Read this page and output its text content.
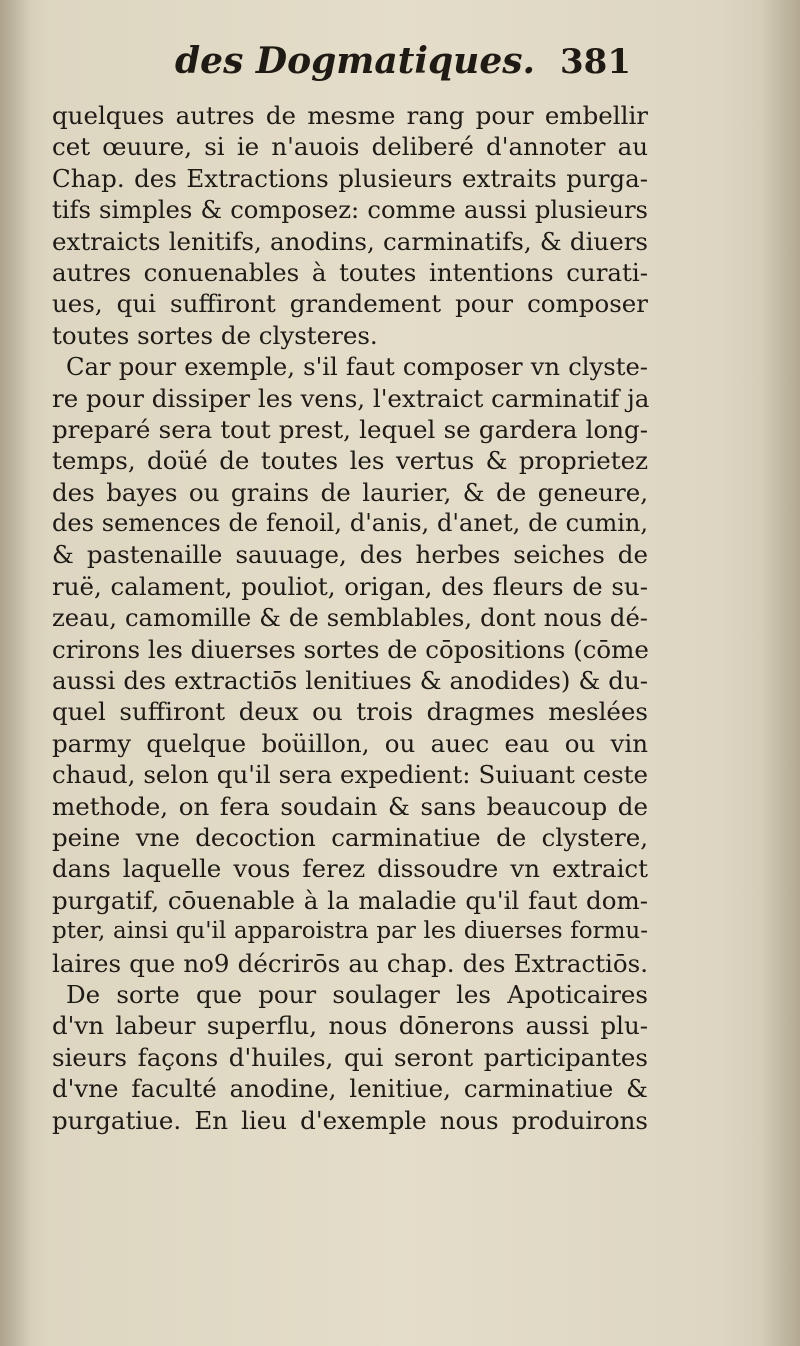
des Dogmatiques. 381
quelques autres de mesme rang pour embellir
cet œuure, si ie n'auois deliberé d'annoter au
Chap. des Extractions plusieurs extraits purga-
tifs simples & composez: comme aussi plusieurs
extraicts lenitifs, anodins, carminatifs, & diuers
autres conuenables à toutes intentions curati-
ues, qui suffiront grandement pour composer
toutes sortes de clysteres.
Car pour exemple, s'il faut composer vn clyste-
re pour dissiper les vens, l'extraict carminatif ja
preparé sera tout prest, lequel se gardera long-
temps, doüé de toutes les vertus & proprietez
des bayes ou grains de laurier, & de geneure,
des semences de fenoil, d'anis, d'anet, de cumin,
& pastenaille sauuage, des herbes seiches de
ruë, calament, pouliot, origan, des fleurs de su-
zeau, camomille & de semblables, dont nous dé-
crirons les diuerses sortes de cōpositions (cōme
aussi des extractiōs lenitiues & anodides) & du-
quel suffiront deux ou trois dragmes meslées
parmy quelque boüillon, ou auec eau ou vin
chaud, selon qu'il sera expedient: Suiuant ceste
methode, on fera soudain & sans beaucoup de
peine vne decoction carminatiue de clystere,
dans laquelle vous ferez dissoudre vn extraict
purgatif, cōuenable à la maladie qu'il faut dom-
pter, ainsi qu'il apparoistra par les diuerses formu-
laires que no9 décrirōs au chap. des Extractiōs.
De sorte que pour soulager les Apoticaires
d'vn labeur superflu, nous dōnerons aussi plu-
sieurs façons d'huiles, qui seront participantes
d'vne faculté anodine, lenitiue, carminatiue &
purgatiue. En lieu d'exemple nous produirons
